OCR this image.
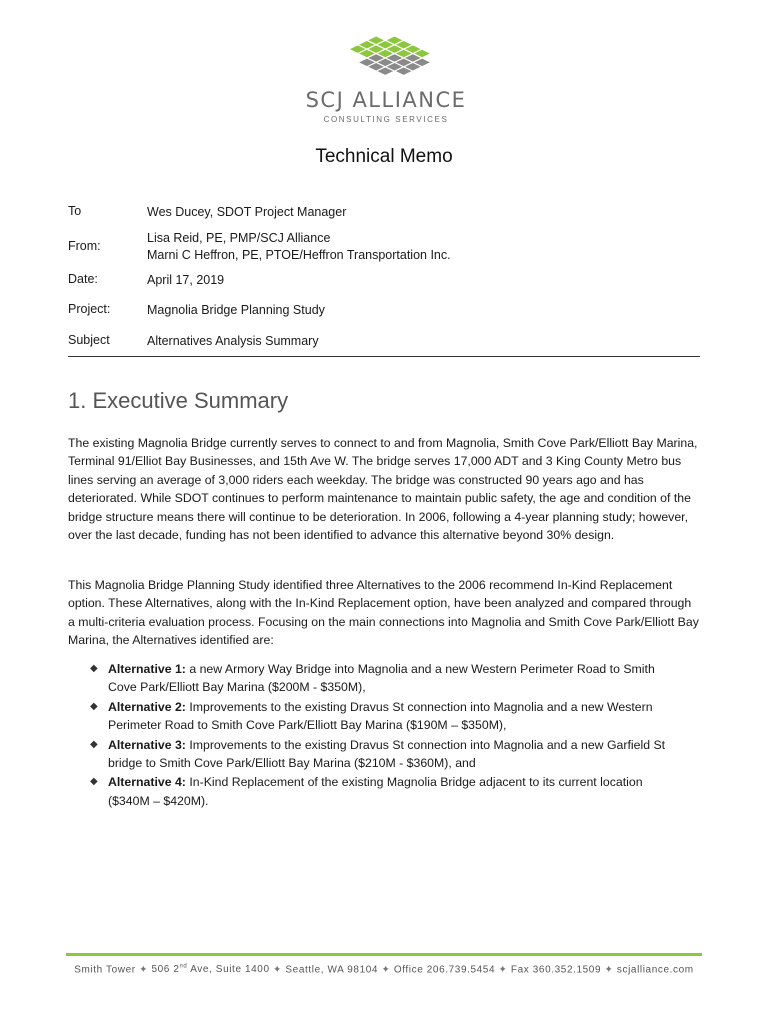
SCJ ALLIANCE
CONSULTING SERVICES
Technical Memo
To	Wes Ducey, SDOT Project Manager
From:
Lisa Reid, PE, PMP/SCJ Alliance
Marni C Heffron, PE, PTOE/Heffron Transportation Inc.
Date:	April 17, 2019
Project:	Magnolia Bridge Planning Study
Subject	Alternatives Analysis Summary
1. Executive Summary
The existing Magnolia Bridge currently serves to connect to and from Magnolia, Smith Cove Park/Elliott Bay Marina, Terminal 91/Elliot Bay Businesses, and 15th Ave W. The bridge serves 17,000 ADT and 3 King County Metro bus lines serving an average of 3,000 riders each weekday. The bridge was constructed 90 years ago and has deteriorated. While SDOT continues to perform maintenance to maintain public safety, the age and condition of the bridge structure means there will continue to be deterioration. In 2006, following a 4-year planning study; however, over the last decade, funding has not been identified to advance this alternative beyond 30% design.
This Magnolia Bridge Planning Study identified three Alternatives to the 2006 recommend In-Kind Replacement option. These Alternatives, along with the In-Kind Replacement option, have been analyzed and compared through a multi-criteria evaluation process. Focusing on the main connections into Magnolia and Smith Cove Park/Elliott Bay Marina, the Alternatives identified are:
◆ Alternative 1: a new Armory Way Bridge into Magnolia and a new Western Perimeter Road to Smith Cove Park/Elliott Bay Marina ($200M - $350M),
◆ Alternative 2: Improvements to the existing Dravus St connection into Magnolia and a new Western Perimeter Road to Smith Cove Park/Elliott Bay Marina ($190M – $350M),
◆ Alternative 3: Improvements to the existing Dravus St connection into Magnolia and a new Garfield St bridge to Smith Cove Park/Elliott Bay Marina ($210M - $360M), and
◆ Alternative 4: In-Kind Replacement of the existing Magnolia Bridge adjacent to its current location ($340M – $420M).
Smith Tower ✦ 506 2nd Ave, Suite 1400 ✦ Seattle, WA 98104 ✦ Office 206.739.5454 ✦ Fax 360.352.1509 ✦ scjalliance.com
